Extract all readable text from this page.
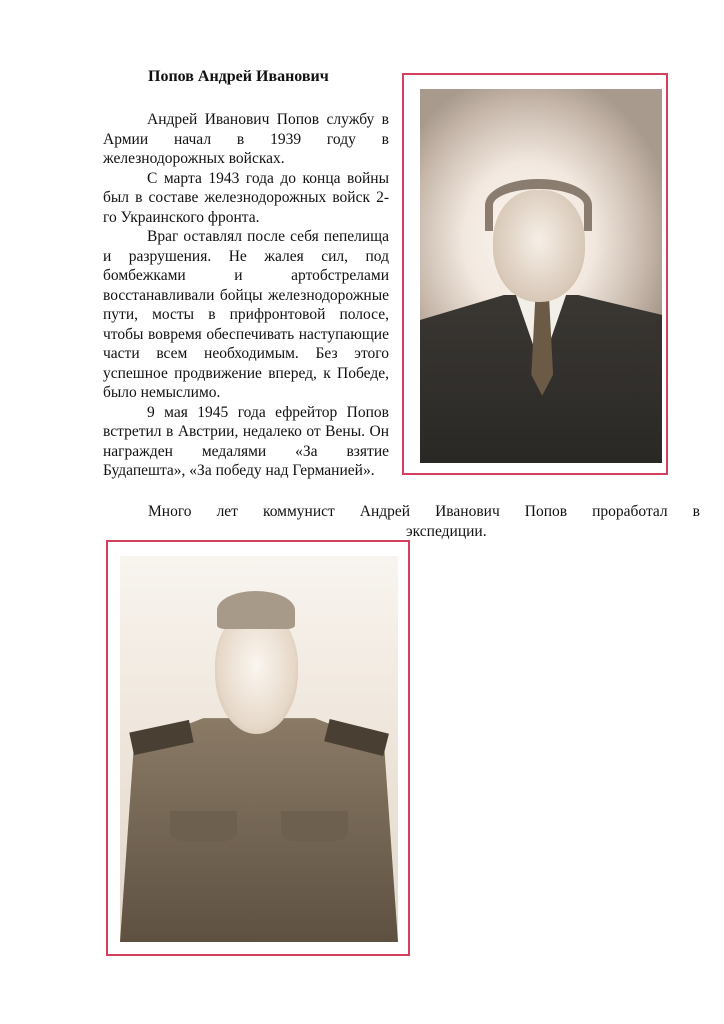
Попов Андрей Иванович

Андрей Иванович Попов службу в Армии начал в 1939 году в железнодорожных войсках.

С марта 1943 года до конца войны был в составе железнодорожных войск 2-го Украинского фронта.

Враг оставлял после себя пепелища и разрушения. Не жалея сил, под бомбежками и артобстрелами восстанавливали бойцы железнодорожные пути, мосты в прифронтовой полосе, чтобы вовремя обеспечивать наступающие части всем необходимым. Без этого успешное продвижение вперед, к Победе, было немыслимо.

9 мая 1945 года ефрейтор Попов встретил в Австрии, недалеко от Вены. Он награжден медалями «За взятие Будапешта», «За победу над Германией».

Много лет коммунист Андрей Иванович Попов проработал в
экспедиции.
